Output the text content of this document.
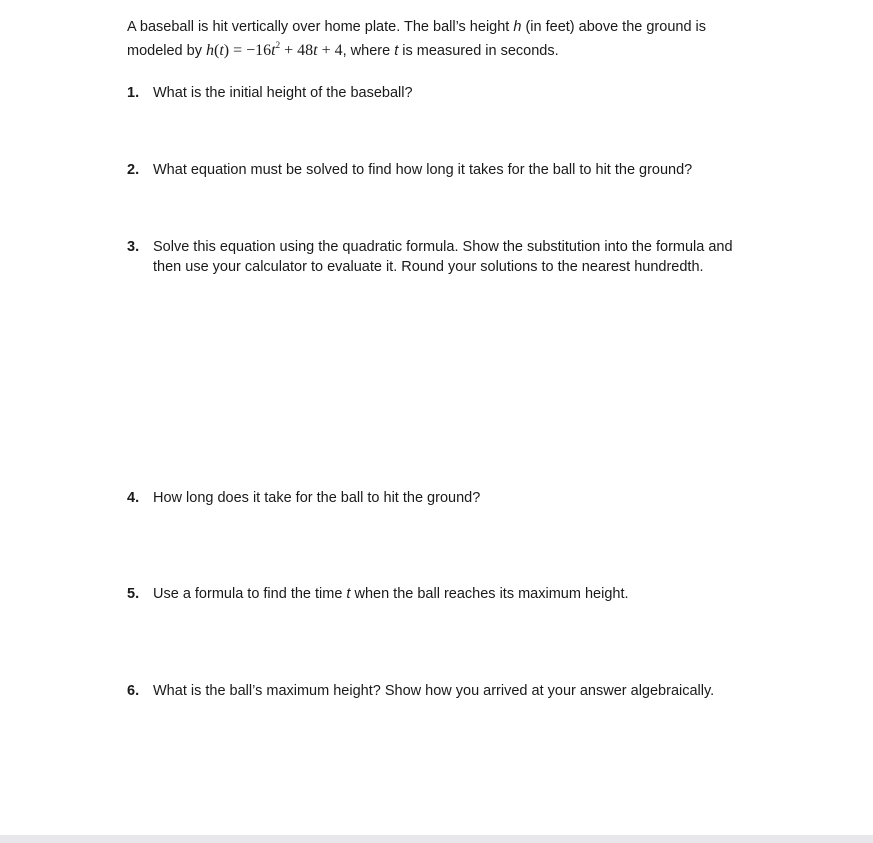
A baseball is hit vertically over home plate. The ball’s height h (in feet) above the ground is

modeled by $h(t) = -16t^2 + 48t + 4$, where t is measured in seconds.

1. What is the initial height of the baseball?
2. What equation must be solved to find how long it takes for the ball to hit the ground?
3. Solve this equation using the quadratic formula. Show the substitution into the formula and then use your calculator to evaluate it. Round your solutions to the nearest hundredth.
4. How long does it take for the ball to hit the ground?
5. Use a formula to find the time t when the ball reaches its maximum height.
6. What is the ball’s maximum height? Show how you arrived at your answer algebraically.
